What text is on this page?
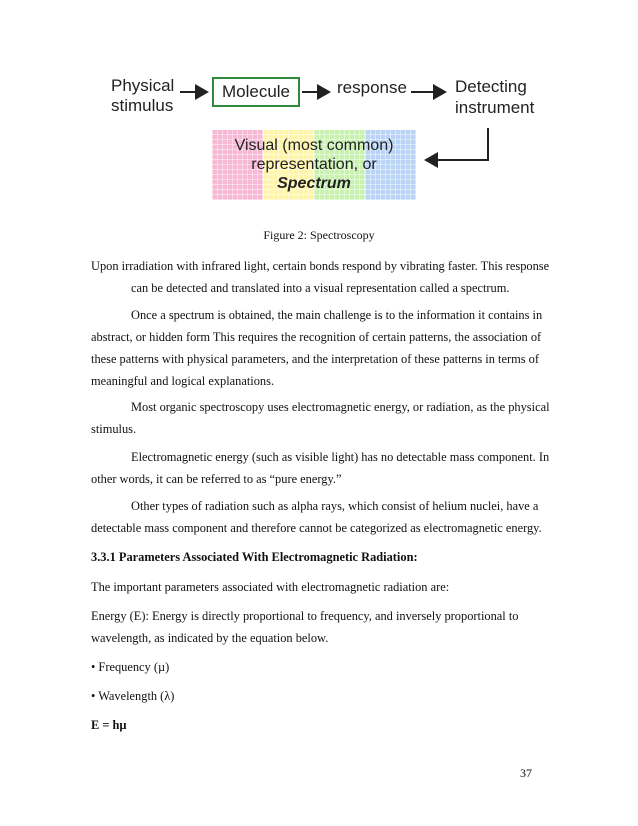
Physical
stimulus
Molecule	response	Detecting
instrument
Visual (most common)
representation, or
Spectrum
Figure 2: Spectroscopy

Upon irradiation with infrared light, certain bonds respond by vibrating faster. This response

can be detected and translated into a visual representation called a spectrum.

Once a spectrum is obtained, the main challenge is to the information it contains in

abstract, or hidden form This requires the recognition of certain patterns, the association of

these patterns with physical parameters, and the interpretation of these patterns in terms of

meaningful and logical explanations.

Most organic spectroscopy uses electromagnetic energy, or radiation, as the physical

stimulus.

Electromagnetic energy (such as visible light) has no detectable mass component. In

other words, it can be referred to as “pure energy.”

Other types of radiation such as alpha rays, which consist of helium nuclei, have a

detectable mass component and therefore cannot be categorized as electromagnetic energy.

3.3.1 Parameters Associated With Electromagnetic Radiation:

The important parameters associated with electromagnetic radiation are:

Energy (E): Energy is directly proportional to frequency, and inversely proportional to

wavelength, as indicated by the equation below.

• Frequency (µ)

• Wavelength (λ)

E = hµ

37
